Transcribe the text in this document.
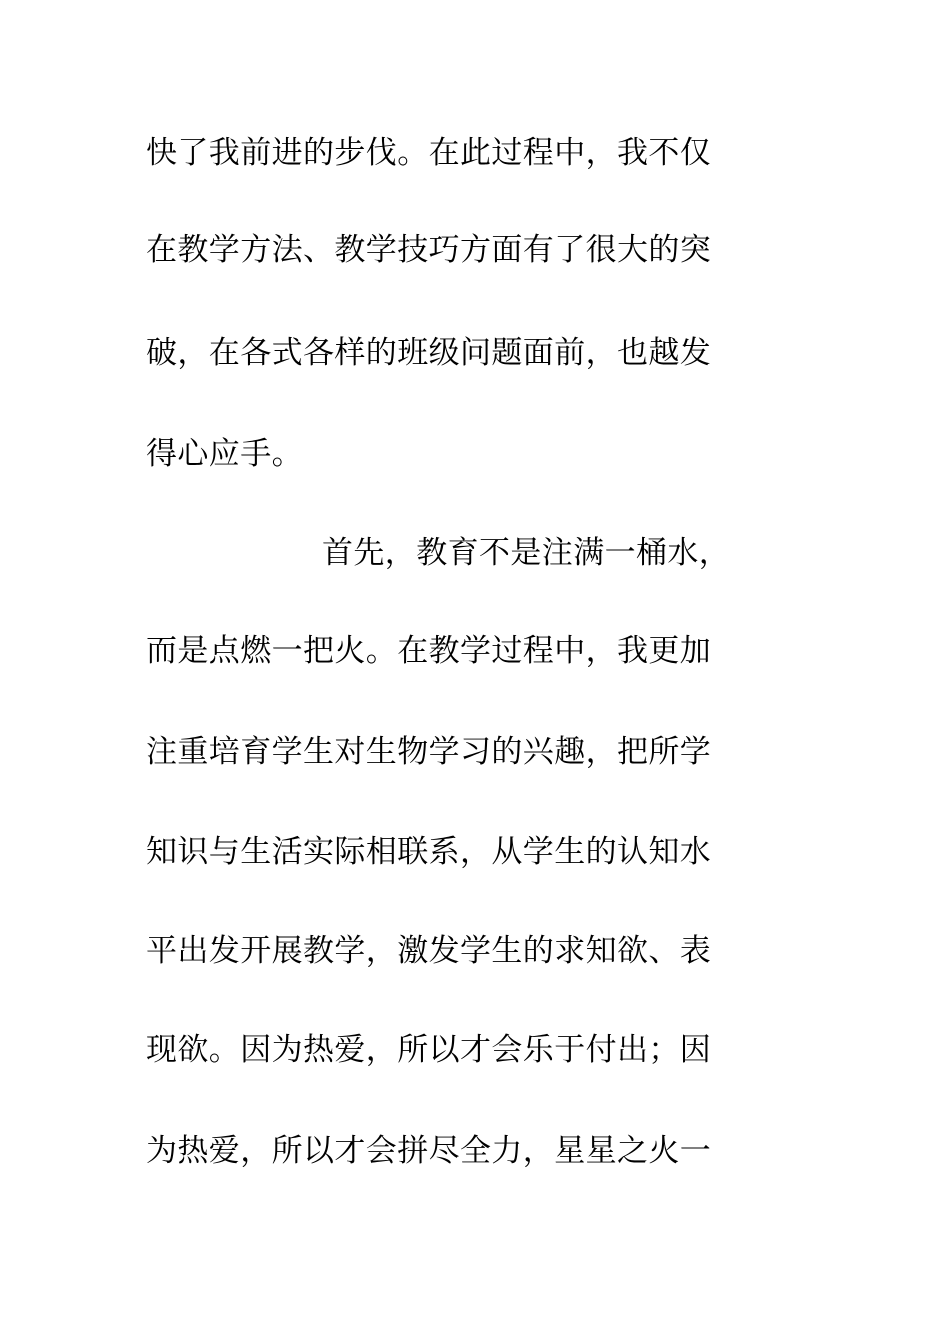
快了我前进的步伐。在此过程中，我不仅
在教学方法、教学技巧方面有了很大的突
破，在各式各样的班级问题面前，也越发
得心应手。
首先，教育不是注满一桶水，
而是点燃一把火。在教学过程中，我更加
注重培育学生对生物学习的兴趣，把所学
知识与生活实际相联系，从学生的认知水
平出发开展教学，激发学生的求知欲、表
现欲。因为热爱，所以才会乐于付出；因
为热爱，所以才会拼尽全力，星星之火一
